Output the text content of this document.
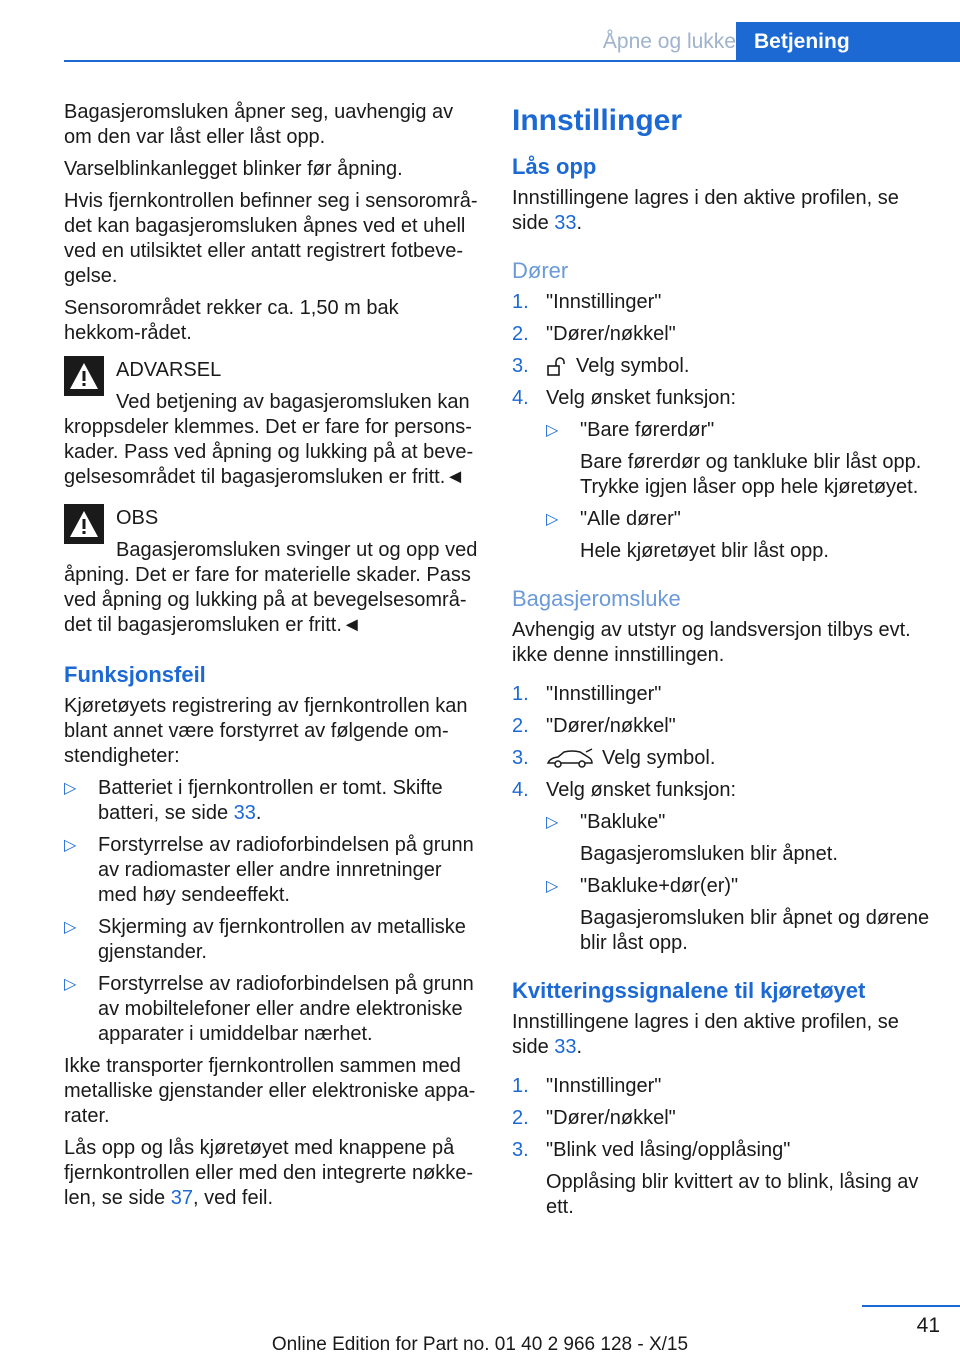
Åpne og lukke Betjening

Bagasjeromsluken åpner seg, uavhengig av om den var låst eller låst opp.

Varselblinkanlegget blinker før åpning.

Hvis fjernkontrollen befinner seg i sensorområ‐det kan bagasjeromsluken åpnes ved et uhell ved en utilsiktet eller antatt registrert fotbeve‐gelse.

Sensorområdet rekker ca. 1,50 m bak hekkom‐rådet.

ADVARSEL
Ved betjening av bagasjeromsluken kan
kroppsdeler klemmes. Det er fare for persons‐kader. Pass ved åpning og lukking på at beve‐gelsesområdet til bagasjeromsluken er fritt.◄
OBS
Bagasjeromsluken svinger ut og opp ved
åpning. Det er fare for materielle skader. Pass ved åpning og lukking på at bevegelsesområ‐det til bagasjeromsluken er fritt.◄
Funksjonsfeil

Kjøretøyets registrering av fjernkontrollen kan blant annet være forstyrret av følgende om‐stendigheter:

▷ Batteriet i fjernkontrollen er tomt. Skifte batteri, se side 33.
▷ Forstyrrelse av radioforbindelsen på grunn av radiomaster eller andre innretninger med høy sendeeffekt.
▷ Skjerming av fjernkontrollen av metalliske gjenstander.
▷ Forstyrrelse av radioforbindelsen på grunn av mobiltelefoner eller andre elektroniske apparater i umiddelbar nærhet.

Ikke transporter fjernkontrollen sammen med metalliske gjenstander eller elektroniske appa‐rater.

Lås opp og lås kjøretøyet med knappene på fjernkontrollen eller med den integrerte nøkke‐len, se side 37, ved feil.

Innstillinger
Lås opp

Innstillingene lagres i den aktive profilen, se side 33.

Dører
1. "Innstillinger"
2. "Dører/nøkkel"
3. Velg symbol.
4. Velg ønsket funksjon:
▷ "Bare førerdør"
Bare førerdør og tankluke blir låst opp. Trykke igjen låser opp hele kjøretøyet.
▷ "Alle dører"
Hele kjøretøyet blir låst opp.
Bagasjeromsluke

Avhengig av utstyr og landsversjon tilbys evt. ikke denne innstillingen.

1. "Innstillinger"
2. "Dører/nøkkel"
3.	Velg symbol.
4. Velg ønsket funksjon:
▷ "Bakluke"
Bagasjeromsluken blir åpnet.
▷ "Bakluke+dør(er)"
Bagasjeromsluken blir åpnet og dørene blir låst opp.
Kvitteringssignalene til kjøretøyet

Innstillingene lagres i den aktive profilen, se side 33.

1. "Innstillinger"
2. "Dører/nøkkel"
3. "Blink ved låsing/opplåsing"
Opplåsing blir kvittert av to blink, låsing av ett.
41
Online Edition for Part no. 01 40 2 966 128 - X/15
